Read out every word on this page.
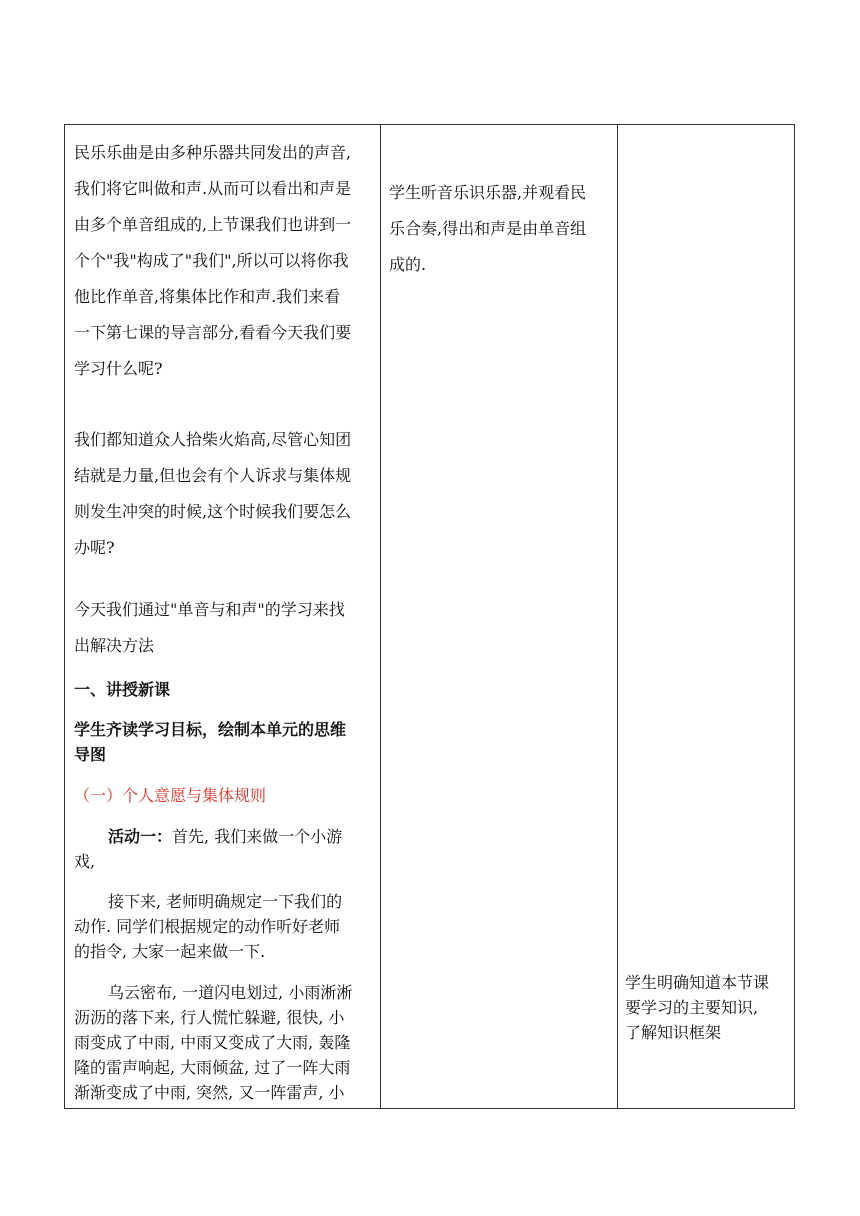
民乐乐曲是由多种乐器共同发出的声音,
我们将它叫做和声.从而可以看出和声是
由多个单音组成的,上节课我们也讲到一
个个"我"构成了"我们",所以可以将你我
他比作单音,将集体比作和声.我们来看
一下第七课的导言部分,看看今天我们要
学习什么呢?
我们都知道众人拾柴火焰高,尽管心知团
结就是力量,但也会有个人诉求与集体规
则发生冲突的时候,这个时候我们要怎么
办呢?
今天我们通过"单音与和声"的学习来找
出解决方法
一、讲授新课
学生齐读学习目标，绘制本单元的思维
导图
（一）个人意愿与集体规则
活动一：首先, 我们来做一个小游
戏,
接下来, 老师明确规定一下我们的
动作. 同学们根据规定的动作听好老师
的指令, 大家一起来做一下.
乌云密布, 一道闪电划过, 小雨淅淅
沥沥的落下来, 行人慌忙躲避, 很快, 小
雨变成了中雨, 中雨又变成了大雨, 轰隆
隆的雷声响起, 大雨倾盆, 过了一阵大雨
渐渐变成了中雨, 突然, 又一阵雷声, 小
学生听音乐识乐器,并观看民
乐合奏,得出和声是由单音组
成的.
学生明确知道本节课
要学习的主要知识,
了解知识框架
